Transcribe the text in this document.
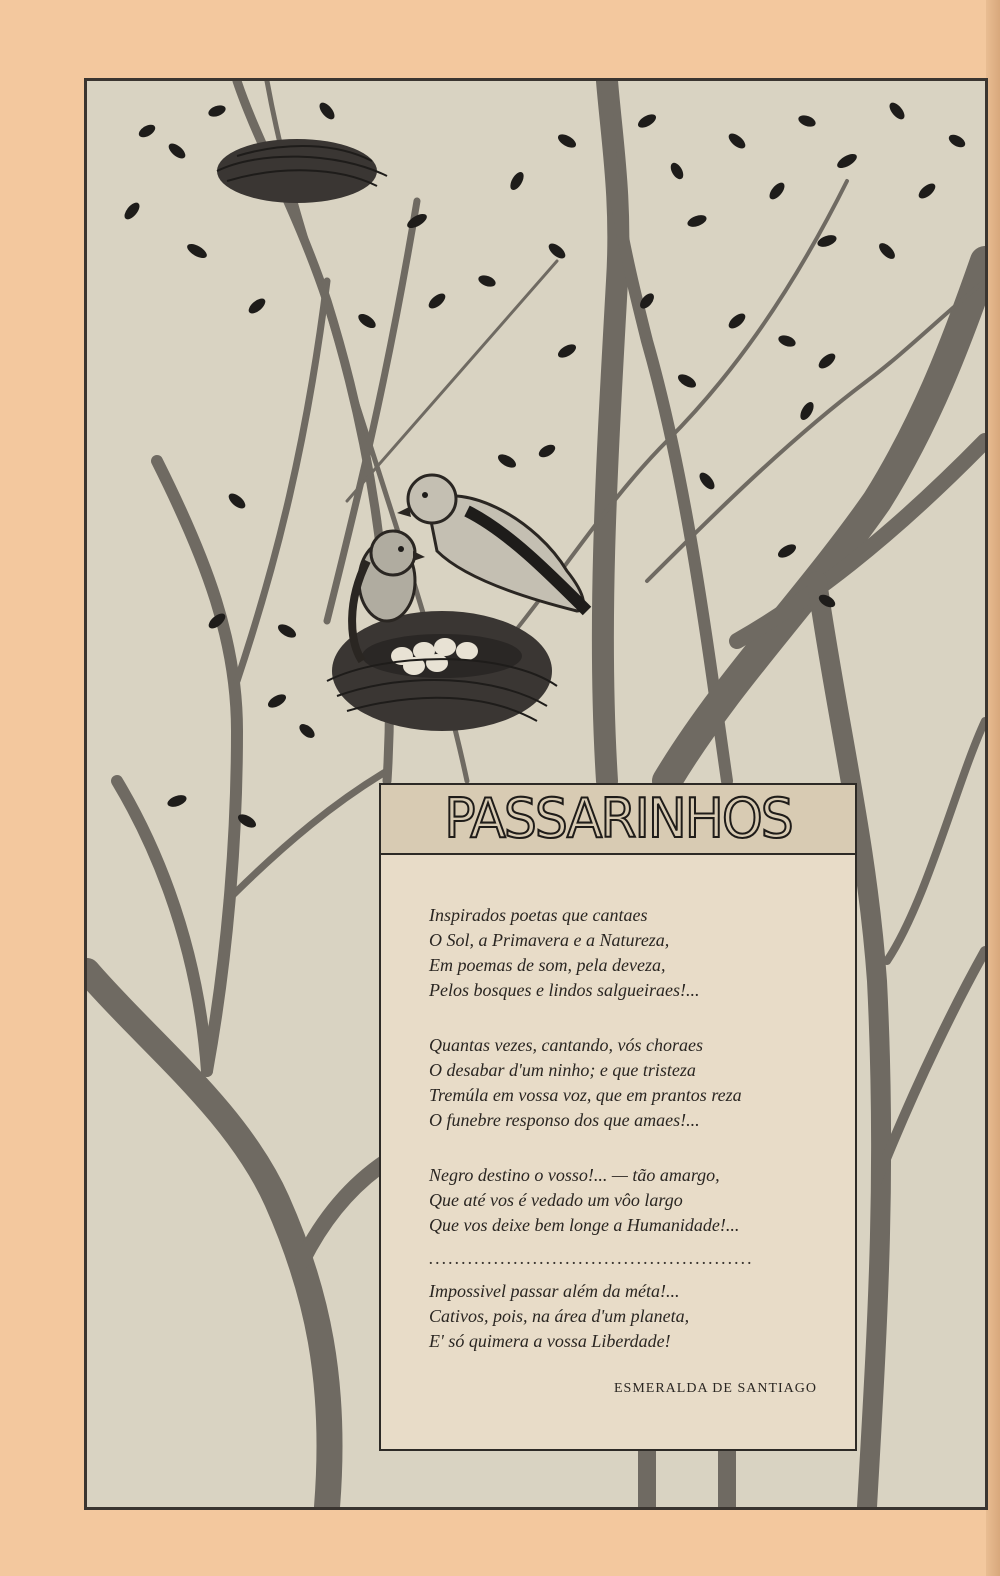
PASSARINHOS
Inspirados poetas que cantaes
O Sol, a Primavera e a Natureza,
Em poemas de som, pela deveza,
Pelos bosques e lindos salgueiraes!...
Quantas vezes, cantando, vós choraes
O desabar d'um ninho; e que tristeza
Tremúla em vossa voz, que em prantos reza
O funebre responso dos que amaes!...
Negro destino o vosso!... — tão amargo,
Que até vos é vedado um vôo largo
Que vos deixe bem longe a Humanidade!...
..................................................
Impossivel passar além da méta!...
Cativos, pois, na área d'um planeta,
E' só quimera a vossa Liberdade!
ESMERALDA DE SANTIAGO
